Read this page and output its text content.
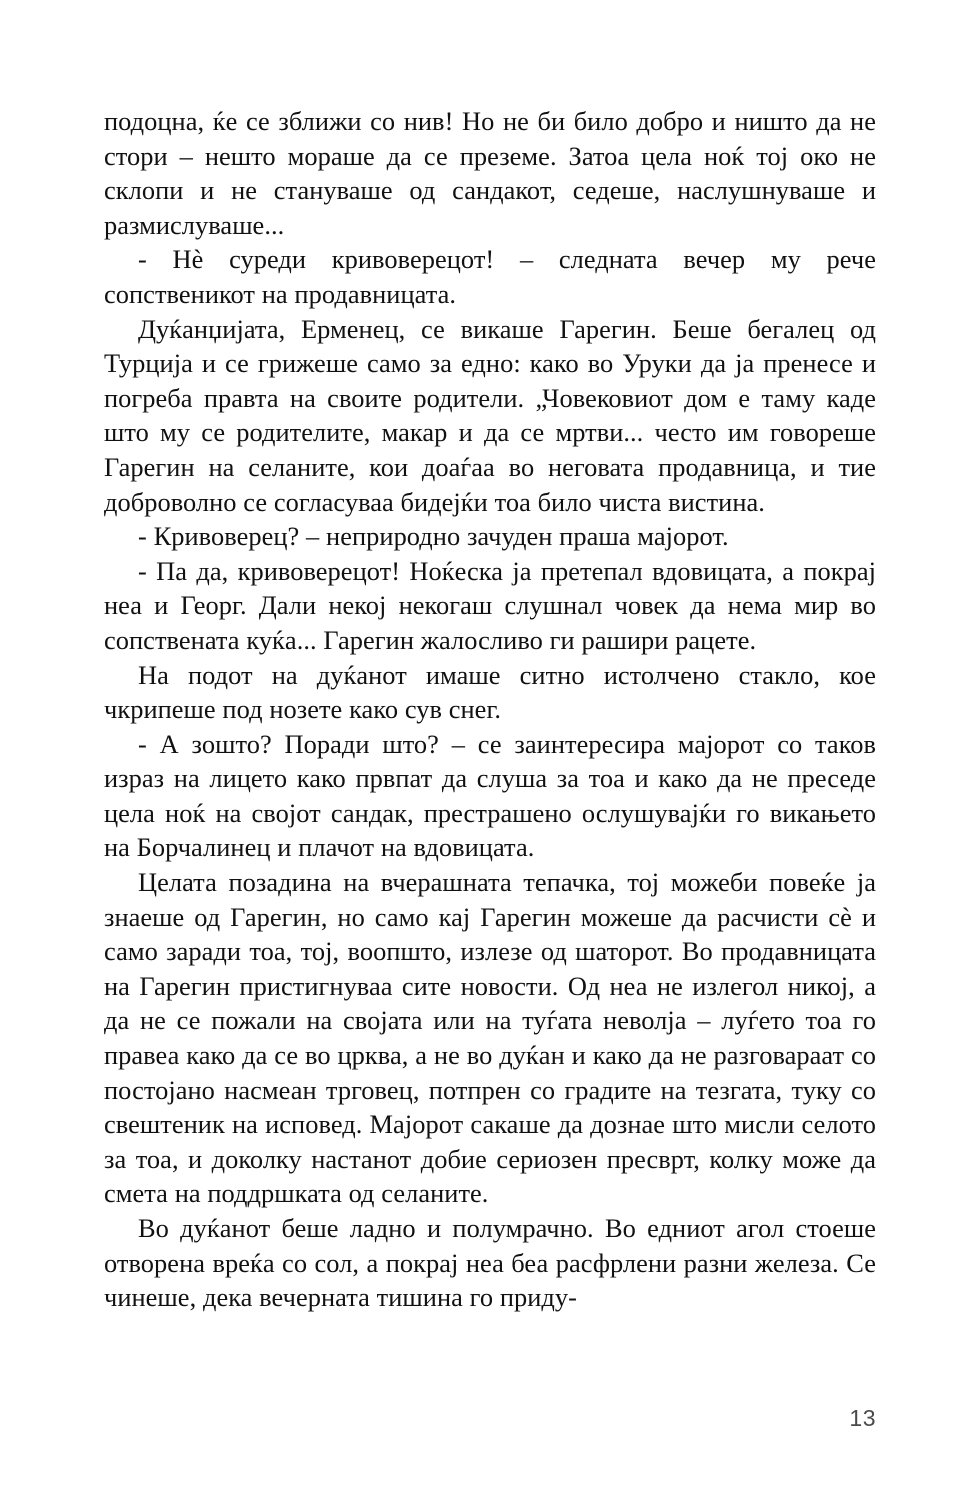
подоцна, ќе се зближи со нив! Но не би било добро и ништо да не стори – нешто мораше да се преземе. Затоа цела ноќ тој око не склопи и не стануваше од сандакот, седеше, наслушнуваше и размислуваше...

- Нѐ суреди кривоверецот! – следната вечер му рече сопственикот на продавницата.

Дуќанџијата, Ерменец, се викаше Гарегин. Беше бегалец од Турција и се грижеше само за едно: како во Уруки да ја пренесе и погреба правта на своите родители. „Човековиот дом е таму каде што му се родителите, макар и да се мртви... често им говореше Гарегин на селаните, кои доаѓаа во неговата продавница, и тие доброволно се согласуваа бидејќи тоа било чиста вистина.

- Кривоверец? – неприродно зачуден праша мајорот.

- Па да, кривоверецот! Ноќеска ја претепал вдовицата, а покрај неа и Георг. Дали некој некогаш слушнал човек да нема мир во сопствената куќа... Гарегин жалосливо ги рашири рацете.

На подот на дуќанот имаше ситно истолчено стакло, кое чкрипеше под нозете како сув снег.

- А зошто? Поради што? – се заинтересира мајорот со таков израз на лицето како првпат да слуша за тоа и како да не преседе цела ноќ на својот сандак, престрашено ослушувајќи го викањето на Борчалинец и плачот на вдовицата.

Целата позадина на вчерашната тепачка, тој можеби повеќе ја знаеше од Гарегин, но само кај Гарегин можеше да расчисти сѐ и само заради тоа, тој, воопшто, излезе од шаторот. Во продавницата на Гарегин пристигнуваа сите новости. Од неа не излегол никој, а да не се пожали на својата или на туѓата неволја – луѓето тоа го правеа како да се во црква, а не во дуќан и како да не разговараат со постојано насмеан трговец, потпрен со градите на тезгата, туку со свештеник на исповед. Мајорот сакаше да дознае што мисли селото за тоа, и доколку настанот добие сериозен пресврт, колку може да смета на поддршката од селаните.

Во дуќанот беше ладно и полумрачно. Во едниот агол стоеше отворена вреќа со сол, а покрај неа беа расфрлени разни железа. Се чинеше, дека вечерната тишина го приду-

13
